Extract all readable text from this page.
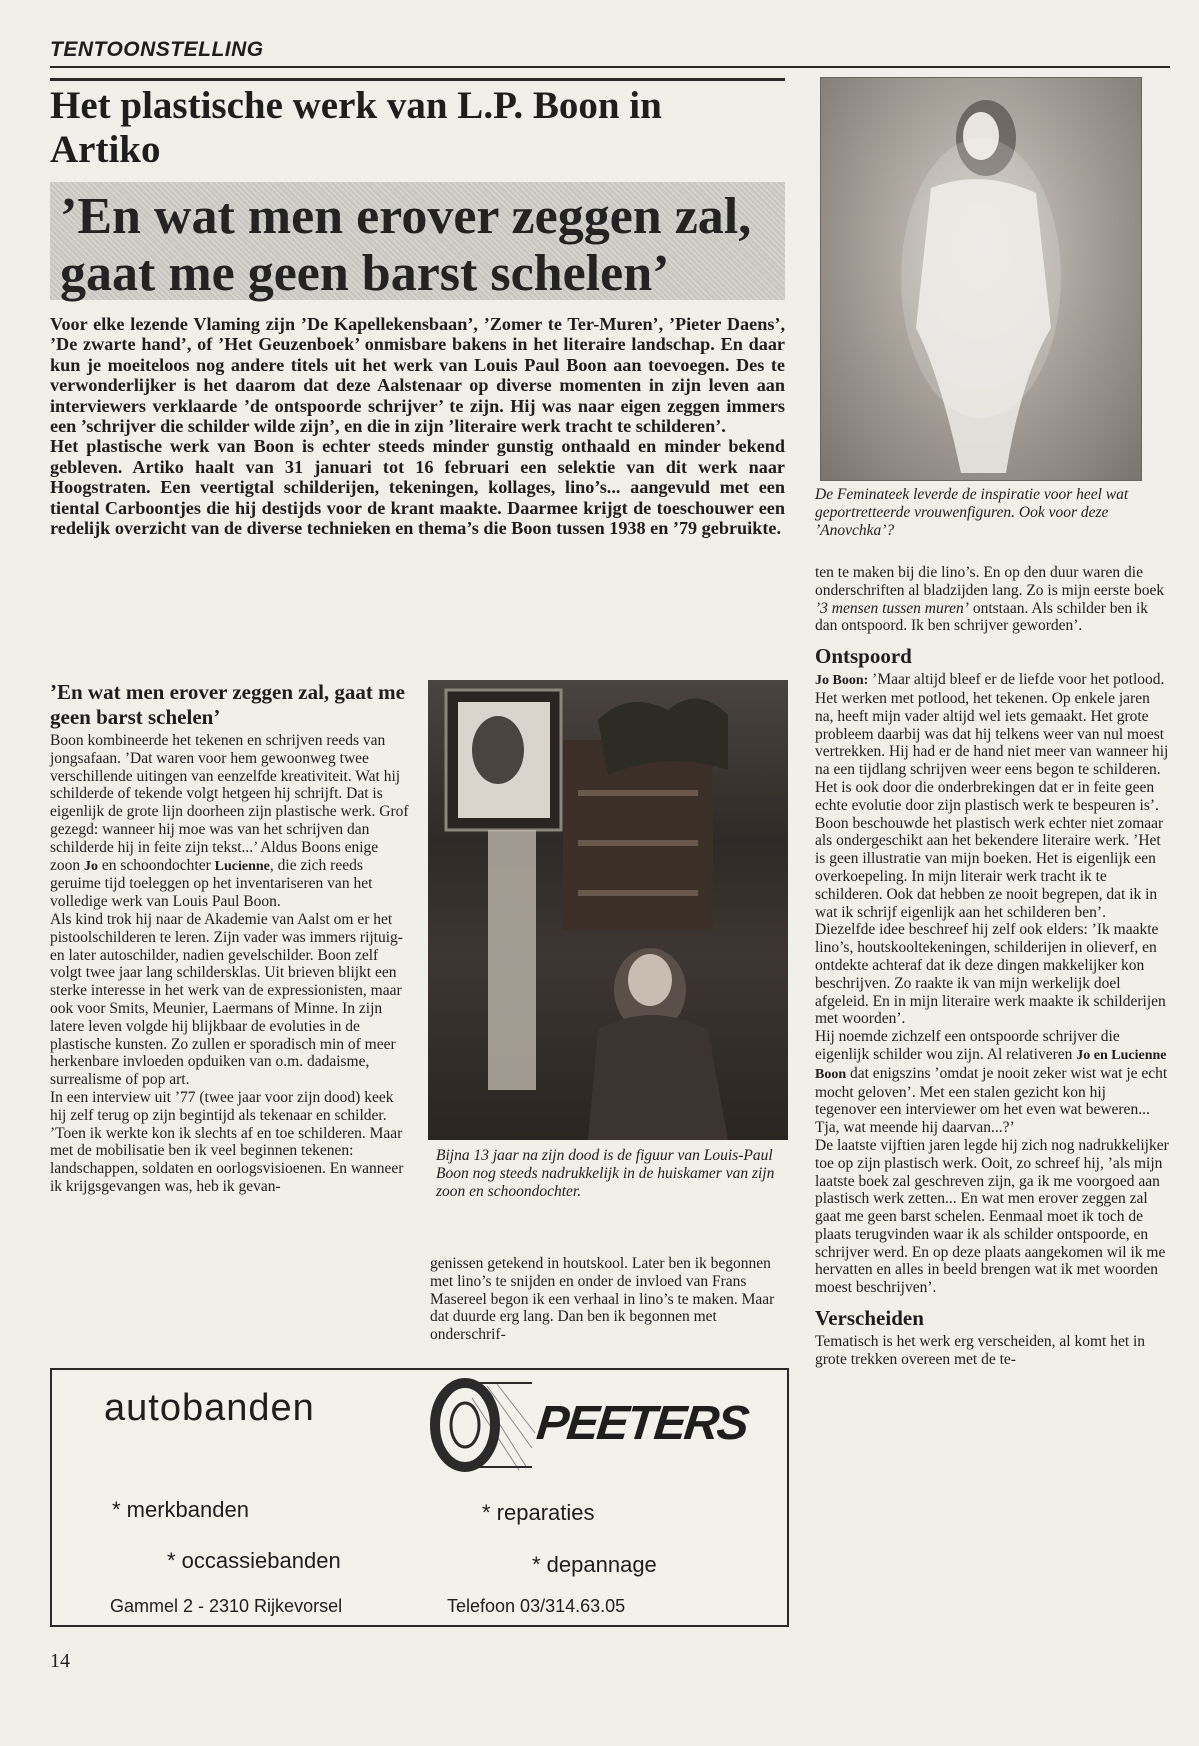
TENTOONSTELLING
Het plastische werk van L.P. Boon in Artiko
’En wat men erover zeggen zal, gaat me geen barst schelen’

Voor elke lezende Vlaming zijn ’De Kapellekensbaan’, ’Zomer te Ter-Muren’, ’Pieter Daens’, ’De zwarte hand’, of ’Het Geuzenboek’ onmisbare bakens in het literaire landschap. En daar kun je moeiteloos nog andere titels uit het werk van Louis Paul Boon aan toevoegen. Des te verwonderlijker is het daarom dat deze Aalstenaar op diverse momenten in zijn leven aan interviewers verklaarde ’de ontspoorde schrijver’ te zijn. Hij was naar eigen zeggen immers een ’schrijver die schilder wilde zijn’, en die in zijn ’literaire werk tracht te schilderen’.

Het plastische werk van Boon is echter steeds minder gunstig onthaald en minder bekend gebleven. Artiko haalt van 31 januari tot 16 februari een selektie van dit werk naar Hoogstraten. Een veertigtal schilderijen, tekeningen, kollages, lino’s... aangevuld met een tiental Carboontjes die hij destijds voor de krant maakte. Daarmee krijgt de toeschouwer een redelijk overzicht van de diverse technieken en thema’s die Boon tussen 1938 en ’79 gebruikte.

De Feminateek leverde de inspiratie voor heel wat geportretteerde vrouwenfiguren. Ook voor deze ’Anovchka’?

’En wat men erover zeggen zal, gaat me geen barst schelen’

Boon kombineerde het tekenen en schrijven reeds van jongsafaan. ’Dat waren voor hem gewoonweg twee verschillende uitingen van eenzelfde kreativiteit. Wat hij schilderde of tekende volgt hetgeen hij schrijft. Dat is eigenlijk de grote lijn doorheen zijn plastische werk. Grof gezegd: wanneer hij moe was van het schrijven dan schilderde hij in feite zijn tekst...’ Aldus Boons enige zoon Jo en schoondochter Lucienne, die zich reeds geruime tijd toeleggen op het inventariseren van het volledige werk van Louis Paul Boon.

Als kind trok hij naar de Akademie van Aalst om er het pistoolschilderen te leren. Zijn vader was immers rijtuig- en later autoschilder, nadien gevelschilder. Boon zelf volgt twee jaar lang schildersklas. Uit brieven blijkt een sterke interesse in het werk van de expressionisten, maar ook voor Smits, Meunier, Laermans of Minne. In zijn latere leven volgde hij blijkbaar de evoluties in de plastische kunsten. Zo zullen er sporadisch min of meer herkenbare invloeden opduiken van o.m. dadaisme, surrealisme of pop art.

In een interview uit ’77 (twee jaar voor zijn dood) keek hij zelf terug op zijn begintijd als tekenaar en schilder. ’Toen ik werkte kon ik slechts af en toe schilderen. Maar met de mobilisatie ben ik veel beginnen tekenen: landschappen, soldaten en oorlogsvisioenen. En wanneer ik krijgsgevangen was, heb ik gevan-

Bijna 13 jaar na zijn dood is de figuur van Louis-Paul Boon nog steeds nadrukkelijk in de huiskamer van zijn zoon en schoondochter.

genissen getekend in houtskool. Later ben ik begonnen met lino’s te snijden en onder de invloed van Frans Masereel begon ik een verhaal in lino’s te maken. Maar dat duurde erg lang. Dan ben ik begonnen met onderschrif-

ten te maken bij die lino’s. En op den duur waren die onderschriften al bladzijden lang. Zo is mijn eerste boek ’3 mensen tussen muren’ ontstaan. Als schilder ben ik dan ontspoord. Ik ben schrijver geworden’.

Ontspoord

Jo Boon: ’Maar altijd bleef er de liefde voor het potlood. Het werken met potlood, het tekenen. Op enkele jaren na, heeft mijn vader altijd wel iets gemaakt. Het grote probleem daarbij was dat hij telkens weer van nul moest vertrekken. Hij had er de hand niet meer van wanneer hij na een tijdlang schrijven weer eens begon te schilderen. Het is ook door die onderbrekingen dat er in feite geen echte evolutie door zijn plastisch werk te bespeuren is’.

Boon beschouwde het plastisch werk echter niet zomaar als ondergeschikt aan het bekendere literaire werk. ’Het is geen illustratie van mijn boeken. Het is eigenlijk een overkoepeling. In mijn literair werk tracht ik te schilderen. Ook dat hebben ze nooit begrepen, dat ik in wat ik schrijf eigenlijk aan het schilderen ben’. Diezelfde idee beschreef hij zelf ook elders: ’Ik maakte lino’s, houtskooltekeningen, schilderijen in olieverf, en ontdekte achteraf dat ik deze dingen makkelijker kon beschrijven. Zo raakte ik van mijn werkelijk doel afgeleid. En in mijn literaire werk maakte ik schilderijen met woorden’.

Hij noemde zichzelf een ontspoorde schrijver die eigenlijk schilder wou zijn. Al relativeren Jo en Lucienne Boon dat enigszins ’omdat je nooit zeker wist wat je echt mocht geloven’. Met een stalen gezicht kon hij tegenover een interviewer om het even wat beweren... Tja, wat meende hij daarvan...?’

De laatste vijftien jaren legde hij zich nog nadrukkelijker toe op zijn plastisch werk. Ooit, zo schreef hij, ’als mijn laatste boek zal geschreven zijn, ga ik me voorgoed aan plastisch werk zetten... En wat men erover zeggen zal gaat me geen barst schelen. Eenmaal moet ik toch de plaats terugvinden waar ik als schilder ontspoorde, en schrijver werd. En op deze plaats aangekomen wil ik me hervatten en alles in beeld brengen wat ik met woorden moest beschrijven’.

Verscheiden

Tematisch is het werk erg verscheiden, al komt het in grote trekken overeen met de te-

autobanden	PEETERS
* merkbanden	* reparaties
* occassiebanden	* depannage
Gammel 2 - 2310 Rijkevorsel	Telefoon 03/314.63.05
14
